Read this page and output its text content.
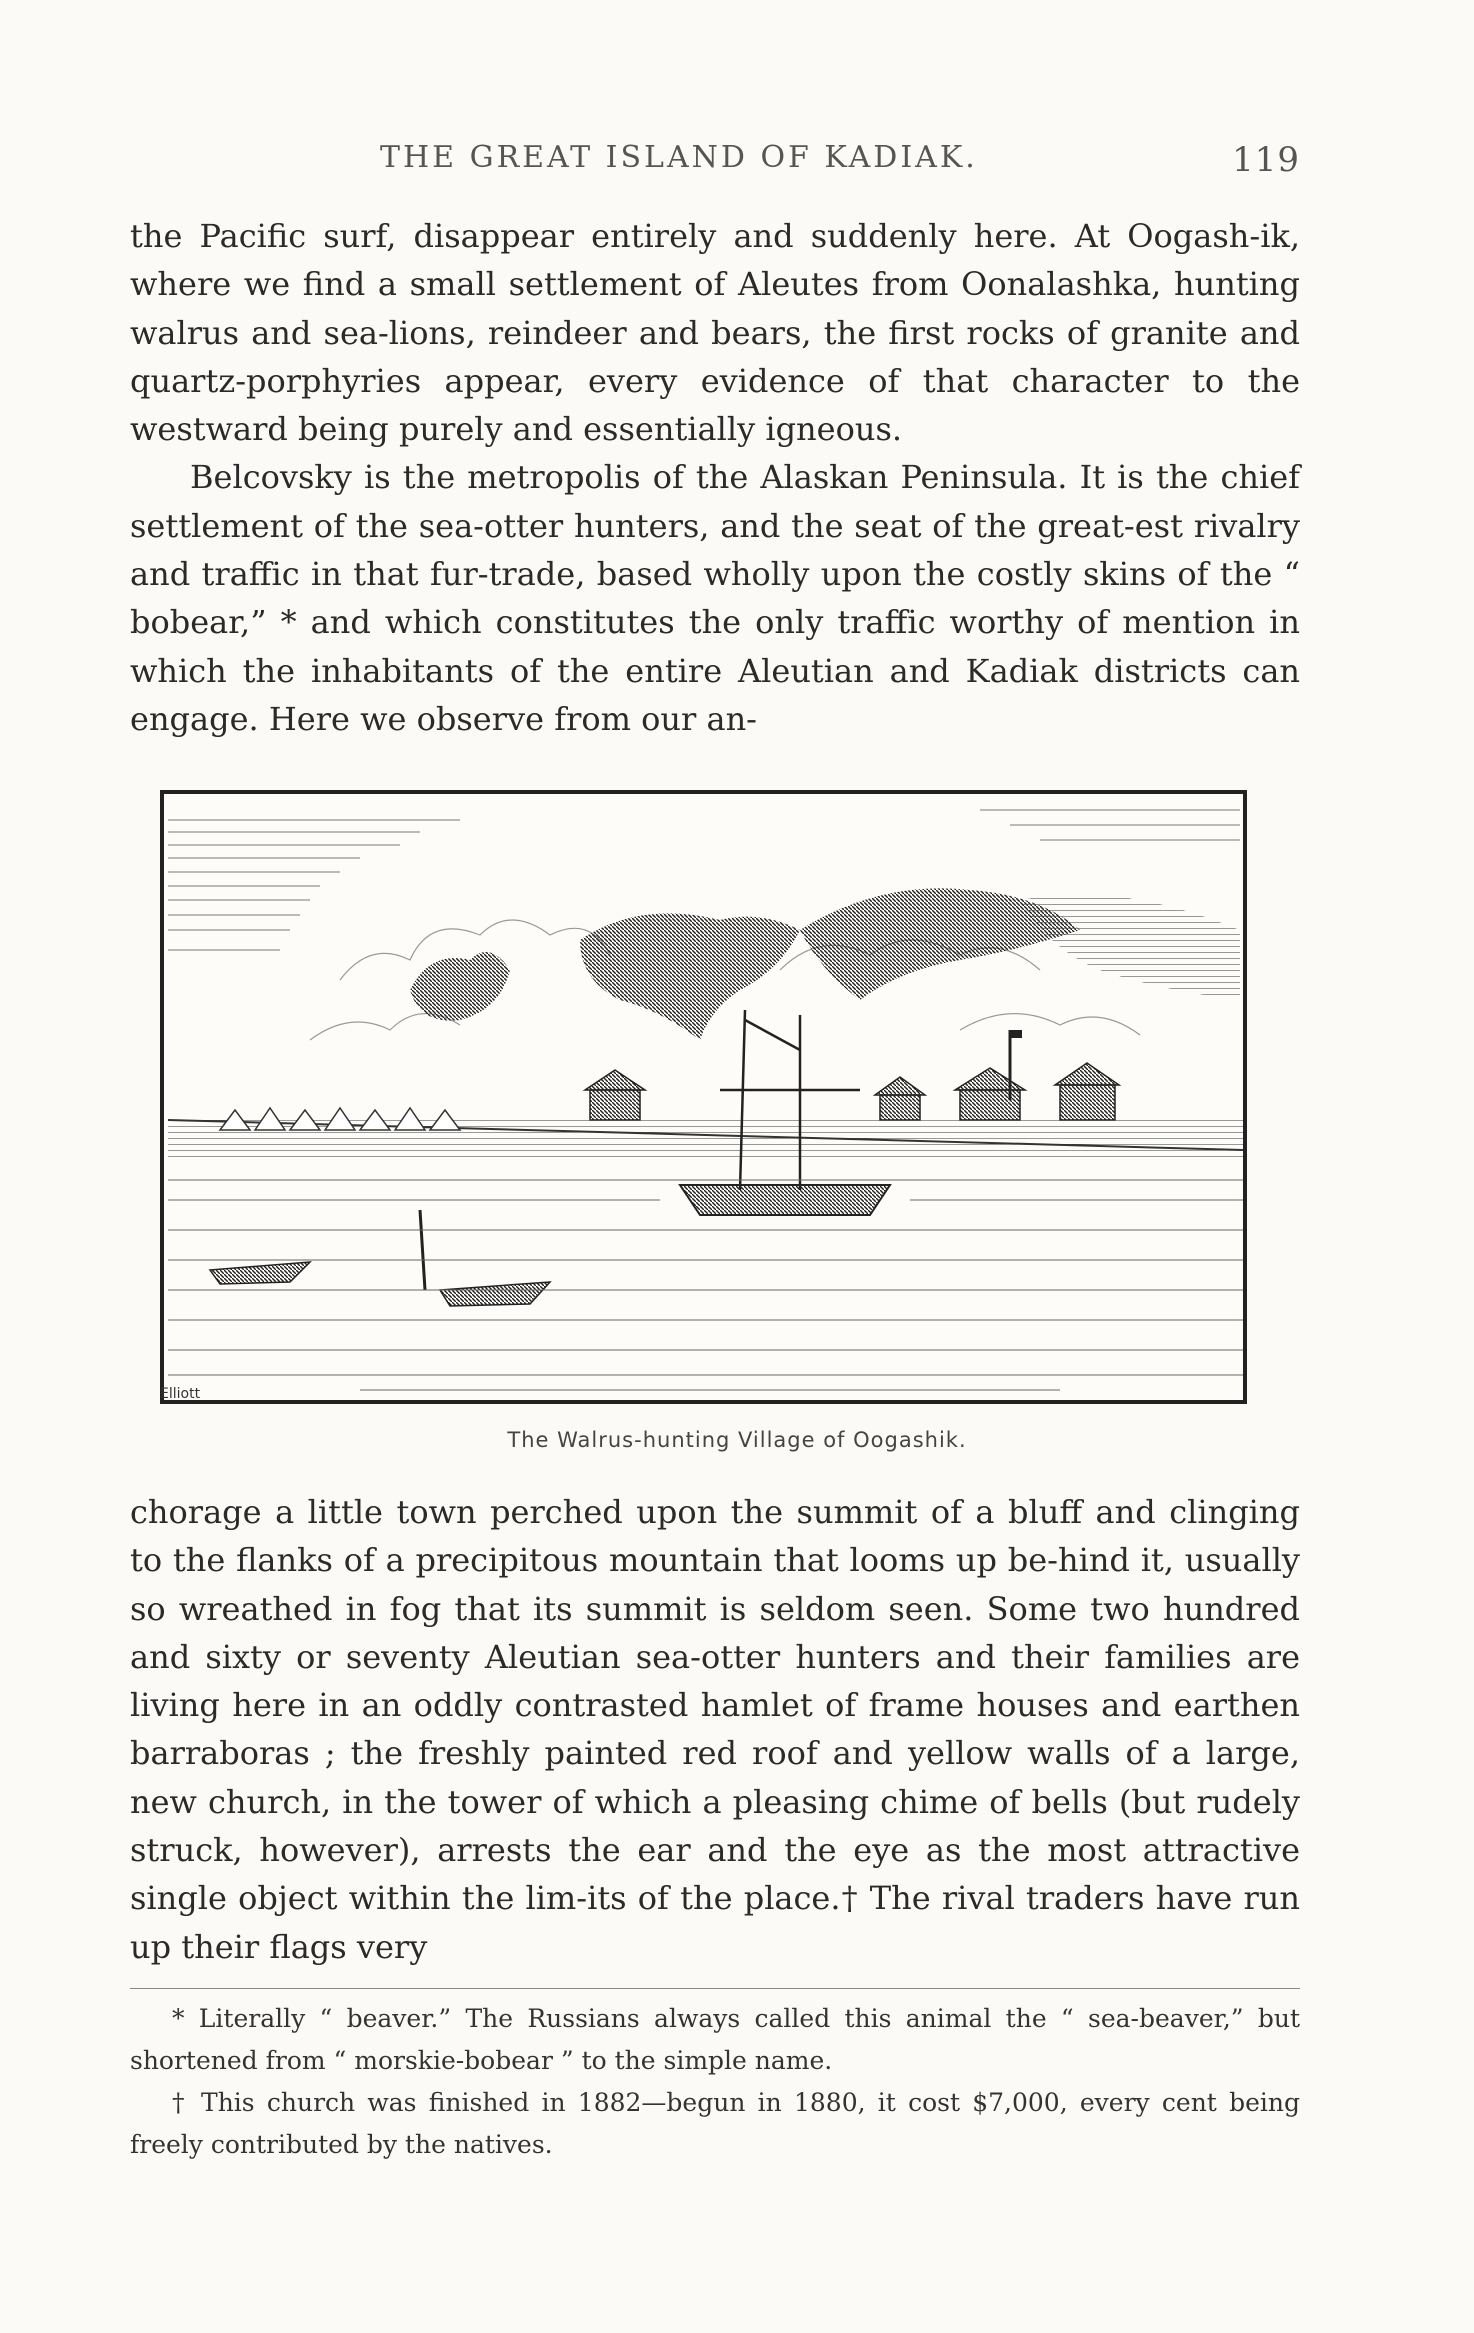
THE GREAT ISLAND OF KADIAK.	119

the Pacific surf, disappear entirely and suddenly here. At Oogash-ik, where we find a small settlement of Aleutes from Oonalashka, hunting walrus and sea-lions, reindeer and bears, the first rocks of granite and quartz-porphyries appear, every evidence of that character to the westward being purely and essentially igneous.

Belcovsky is the metropolis of the Alaskan Peninsula. It is the chief settlement of the sea-otter hunters, and the seat of the great-est rivalry and traffic in that fur-trade, based wholly upon the costly skins of the “ bobear,” * and which constitutes the only traffic worthy of mention in which the inhabitants of the entire Aleutian and Kadiak districts can engage. Here we observe from our an-

Elliott
The Walrus-hunting Village of Oogashik.

chorage a little town perched upon the summit of a bluff and clinging to the flanks of a precipitous mountain that looms up be-hind it, usually so wreathed in fog that its summit is seldom seen. Some two hundred and sixty or seventy Aleutian sea-otter hunters and their families are living here in an oddly contrasted hamlet of frame houses and earthen barraboras ; the freshly painted red roof and yellow walls of a large, new church, in the tower of which a pleasing chime of bells (but rudely struck, however), arrests the ear and the eye as the most attractive single object within the lim-its of the place.† The rival traders have run up their flags very

* Literally “ beaver.” The Russians always called this animal the “ sea-beaver,” but shortened from “ morskie-bobear ” to the simple name.

† This church was finished in 1882—begun in 1880, it cost $7,000, every cent being freely contributed by the natives.
